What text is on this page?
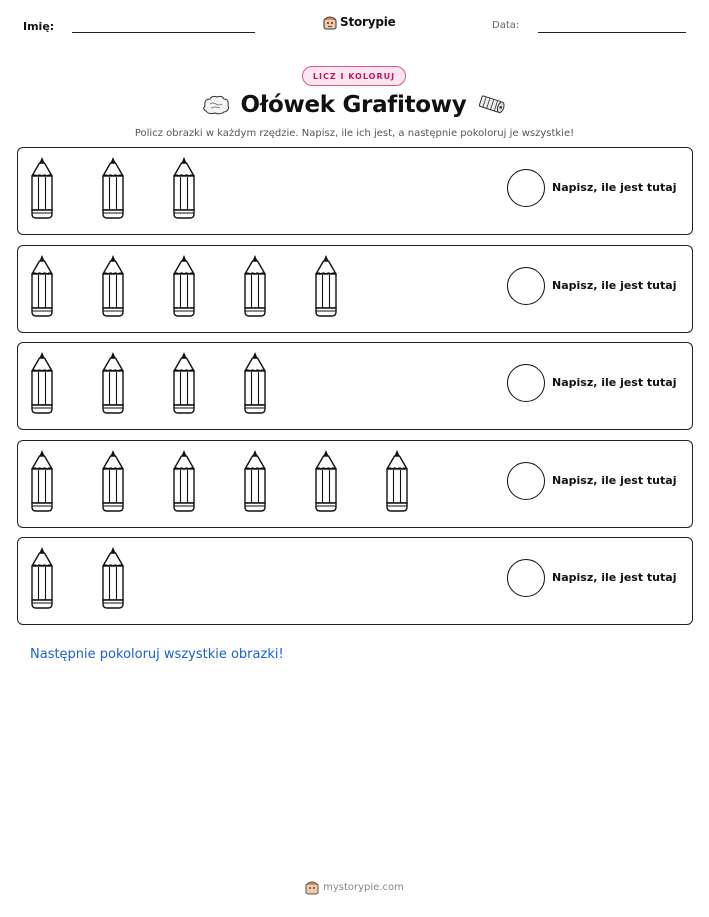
Imię:	Storypie	Data:
LICZ I KOLORUJ
Ołówek Grafitowy
Policz obrazki w każdym rzędzie. Napisz, ile ich jest, a następnie pokoloruj je wszystkie!
Napisz, ile jest tutaj
Napisz, ile jest tutaj
Napisz, ile jest tutaj
Napisz, ile jest tutaj
Napisz, ile jest tutaj
Następnie pokoloruj wszystkie obrazki!
mystorypie.com
